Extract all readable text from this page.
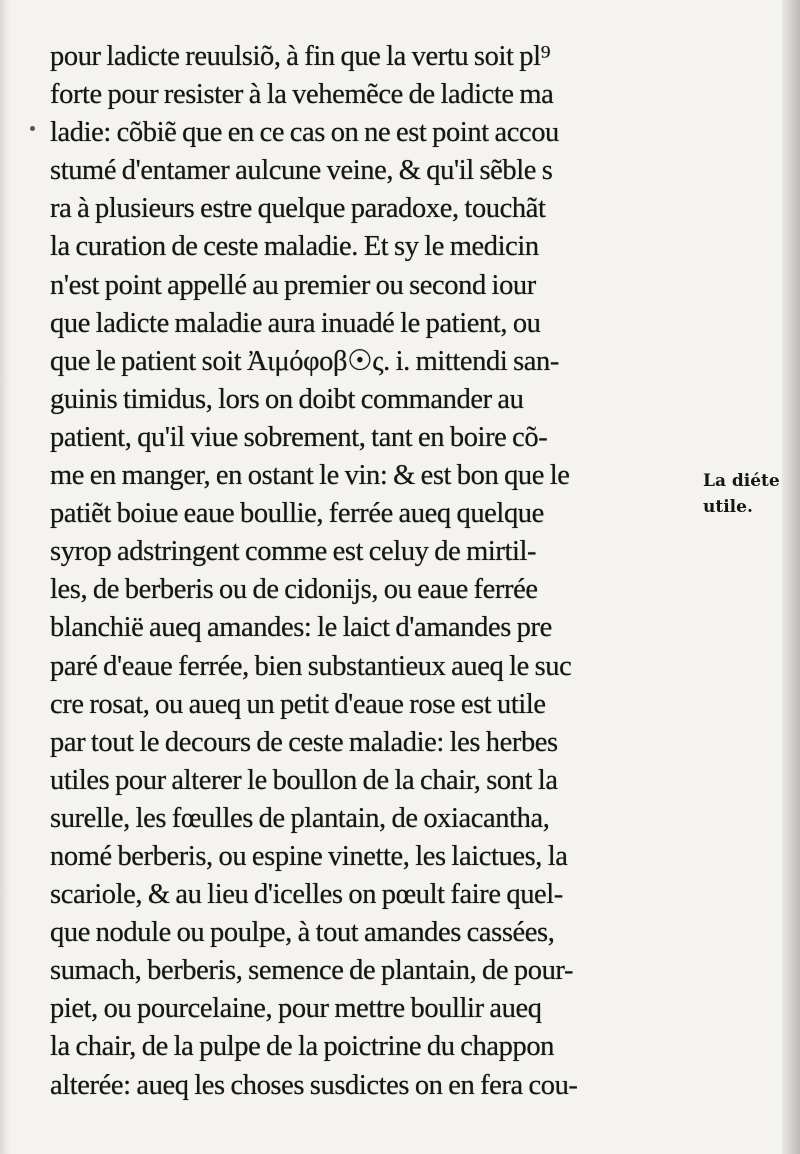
pour ladicte reuulsiõ, à fin que la vertu soit pl⁹
forte pour resister à la vehemẽce de ladicte ma
ladie: cõbiẽ que en ce cas on ne est point accou
stumé d'entamer aulcune veine, & qu'il sẽble s
ra à plusieurs estre quelque paradoxe, touchãt
la curation de ceste maladie. Et sy le medicin
n'est point appellé au premier ou second iour
que ladicte maladie aura inuadé le patient, ou
que le patient soit Ἀιμόφοβ☉ς. i. mittendi san-
guinis timidus, lors on doibt commander au
patient, qu'il viue sobrement, tant en boire cõ-
me en manger, en ostant le vin: & est bon que le
patiẽt boiue eaue boullie, ferrée aueq quelque
syrop adstringent comme est celuy de mirtil-
les, de berberis ou de cidonijs, ou eaue ferrée
blanchië aueq amandes: le laict d'amandes pre
paré d'eaue ferrée, bien substantieux aueq le suc
cre rosat, ou aueq un petit d'eaue rose est utile
par tout le decours de ceste maladie: les herbes
utiles pour alterer le boullon de la chair, sont la
surelle, les fœulles de plantain, de oxiacantha,
nomé berberis, ou espine vinette, les laictues, la
scariole, & au lieu d'icelles on pœult faire quel-
que nodule ou poulpe, à tout amandes cassées,
sumach, berberis, semence de plantain, de pour-
piet, ou pourcelaine, pour mettre boullir aueq
la chair, de la pulpe de la poictrine du chappon
alterée: aueq les choses susdictes on en fera cou-
La diéte
utile.
